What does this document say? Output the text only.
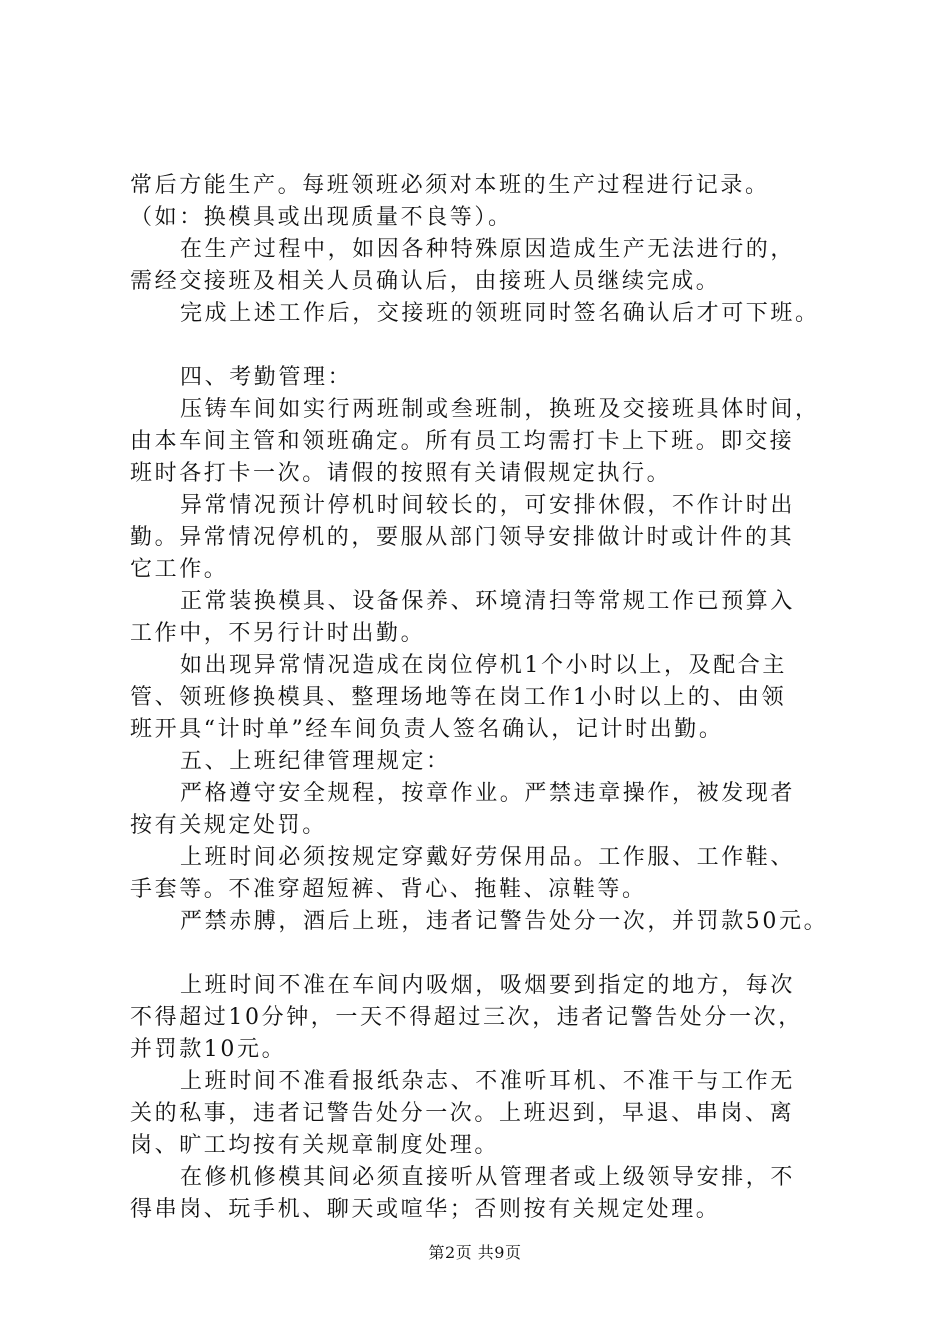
常后方能生产。每班领班必须对本班的生产过程进行记录。
（如：换模具或出现质量不良等）。
在生产过程中，如因各种特殊原因造成生产无法进行的，
需经交接班及相关人员确认后，由接班人员继续完成。
完成上述工作后，交接班的领班同时签名确认后才可下班。
四、考勤管理：
压铸车间如实行两班制或叁班制，换班及交接班具体时间，
由本车间主管和领班确定。所有员工均需打卡上下班。即交接
班时各打卡一次。请假的按照有关请假规定执行。
异常情况预计停机时间较长的，可安排休假，不作计时出
勤。异常情况停机的，要服从部门领导安排做计时或计件的其
它工作。
正常装换模具、设备保养、环境清扫等常规工作已预算入
工作中，不另行计时出勤。
如出现异常情况造成在岗位停机1个小时以上，及配合主
管、领班修换模具、整理场地等在岗工作1小时以上的、由领
班开具“计时单”经车间负责人签名确认，记计时出勤。
五、上班纪律管理规定：
严格遵守安全规程，按章作业。严禁违章操作，被发现者
按有关规定处罚。
上班时间必须按规定穿戴好劳保用品。工作服、工作鞋、
手套等。不准穿超短裤、背心、拖鞋、凉鞋等。
严禁赤膊，酒后上班，违者记警告处分一次，并罚款50元。
上班时间不准在车间内吸烟，吸烟要到指定的地方，每次
不得超过10分钟，一天不得超过三次，违者记警告处分一次，
并罚款10元。
上班时间不准看报纸杂志、不准听耳机、不准干与工作无
关的私事，违者记警告处分一次。上班迟到，早退、串岗、离
岗、旷工均按有关规章制度处理。
在修机修模其间必须直接听从管理者或上级领导安排，不
得串岗、玩手机、聊天或喧华；否则按有关规定处理。
第2页 共9页
